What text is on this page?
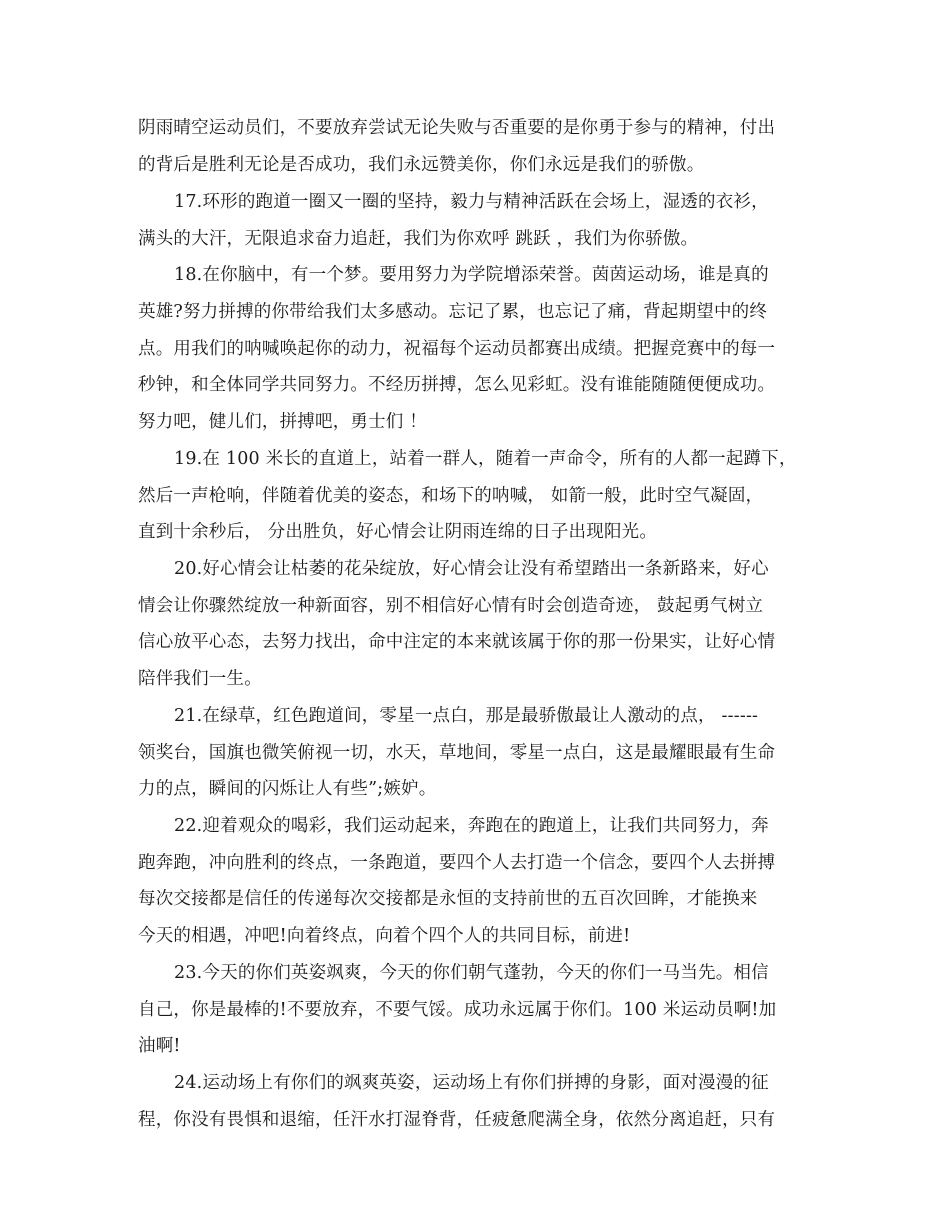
阴雨晴空运动员们，不要放弃尝试无论失败与否重要的是你勇于参与的精神，付出
的背后是胜利无论是否成功，我们永远赞美你，你们永远是我们的骄傲。
17.环形的跑道一圈又一圈的坚持，毅力与精神活跃在会场上，湿透的衣衫，
满头的大汗，无限追求奋力追赶，我们为你欢呼 跳跃 ，我们为你骄傲。
18.在你脑中，有一个梦。要用努力为学院增添荣誉。茵茵运动场，谁是真的
英雄?努力拼搏的你带给我们太多感动。忘记了累，也忘记了痛，背起期望中的终
点。用我们的呐喊唤起你的动力，祝福每个运动员都赛出成绩。把握竞赛中的每一
秒钟，和全体同学共同努力。不经历拼搏，怎么见彩虹。没有谁能随随便便成功。
努力吧，健儿们，拼搏吧，勇士们 ！
19.在 100 米长的直道上，站着一群人，随着一声命令，所有的人都一起蹲下，
然后一声枪响，伴随着优美的姿态，和场下的呐喊， 如箭一般，此时空气凝固，
直到十余秒后， 分出胜负，好心情会让阴雨连绵的日子出现阳光。
20.好心情会让枯萎的花朵绽放，好心情会让没有希望踏出一条新路来，好心
情会让你骤然绽放一种新面容，别不相信好心情有时会创造奇迹， 鼓起勇气树立
信心放平心态，去努力找出，命中注定的本来就该属于你的那一份果实，让好心情
陪伴我们一生。
21.在绿草，红色跑道间，零星一点白，那是最骄傲最让人激动的点， ------
领奖台，国旗也微笑俯视一切，水天，草地间，零星一点白，这是最耀眼最有生命
力的点，瞬间的闪烁让人有些”;嫉妒。
22.迎着观众的喝彩，我们运动起来，奔跑在的跑道上，让我们共同努力，奔
跑奔跑，冲向胜利的终点，一条跑道，要四个人去打造一个信念，要四个人去拼搏
每次交接都是信任的传递每次交接都是永恒的支持前世的五百次回眸，才能换来
今天的相遇，冲吧!向着终点，向着个四个人的共同目标，前进!
23.今天的你们英姿飒爽，今天的你们朝气蓬勃，今天的你们一马当先。相信
自己，你是最棒的!不要放弃，不要气馁。成功永远属于你们。100 米运动员啊!加
油啊!
24.运动场上有你们的飒爽英姿，运动场上有你们拼搏的身影，面对漫漫的征
程，你没有畏惧和退缩，任汗水打湿脊背，任疲惫爬满全身，依然分离追赶，只有
